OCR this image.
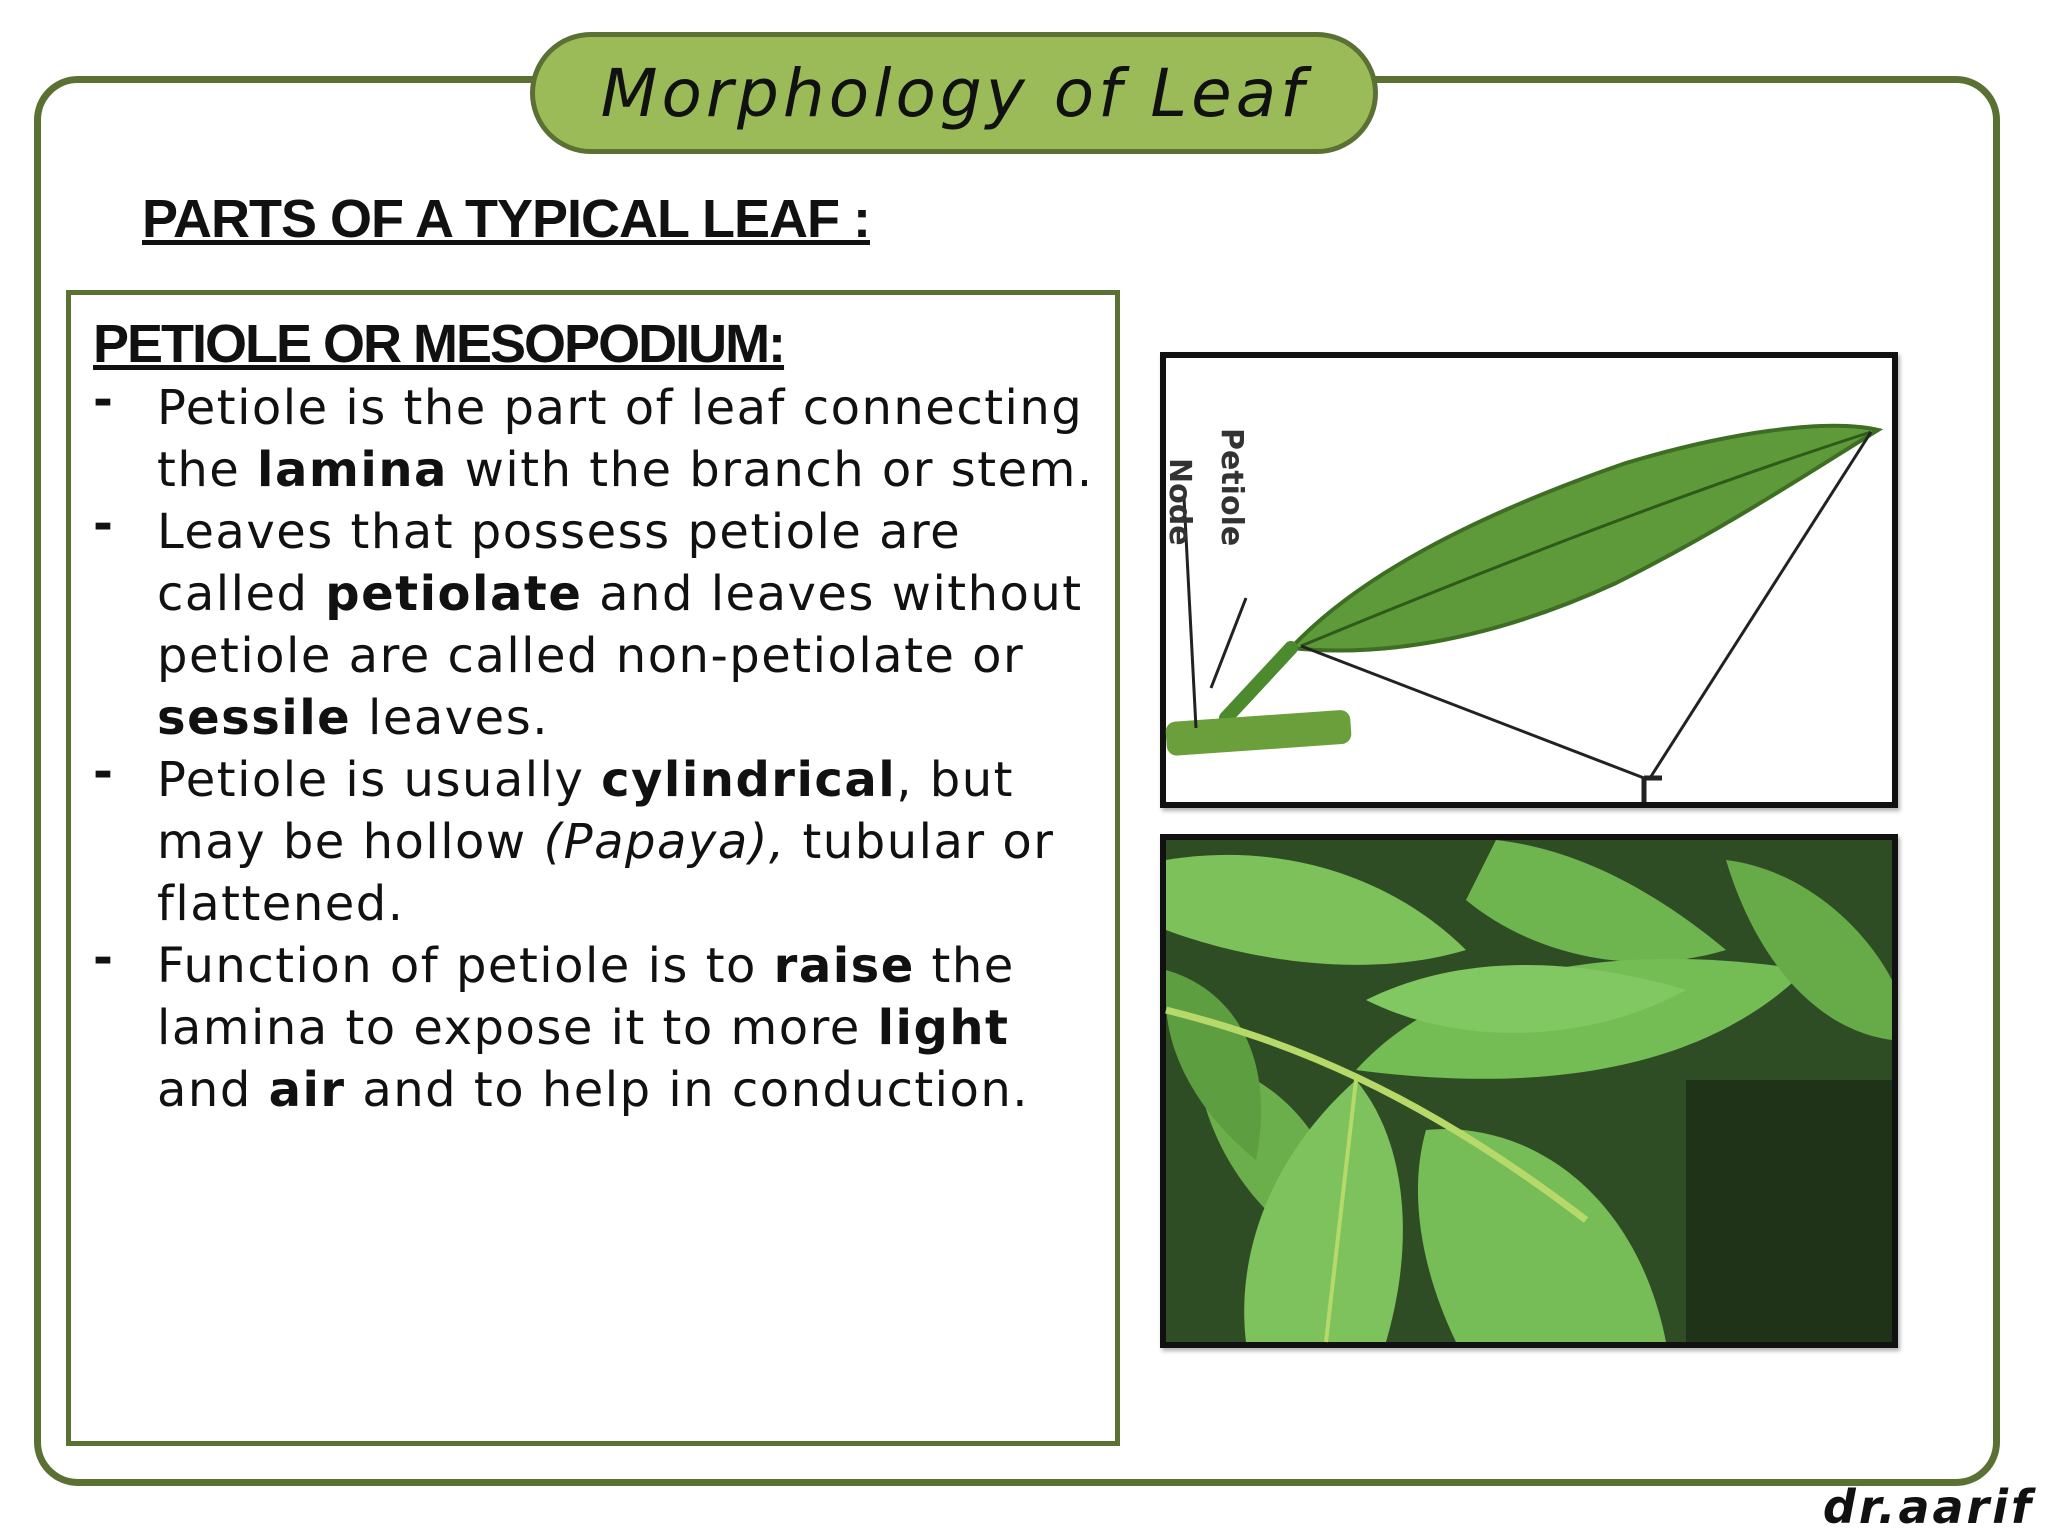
Morphology of Leaf
PARTS OF A TYPICAL LEAF :
PETIOLE OR MESOPODIUM:
- Petiole is the part of leaf connecting
the lamina with the branch or stem.
- Leaves that possess petiole are called petiolate and leaves without petiole are called non-petiolate or sessile leaves.
- Petiole is usually cylindrical, but may be hollow (Papaya), tubular or flattened.
- Function of petiole is to raise the lamina to expose it to more light and air and to help in conduction.
Petiole
Node
dr.aarif
